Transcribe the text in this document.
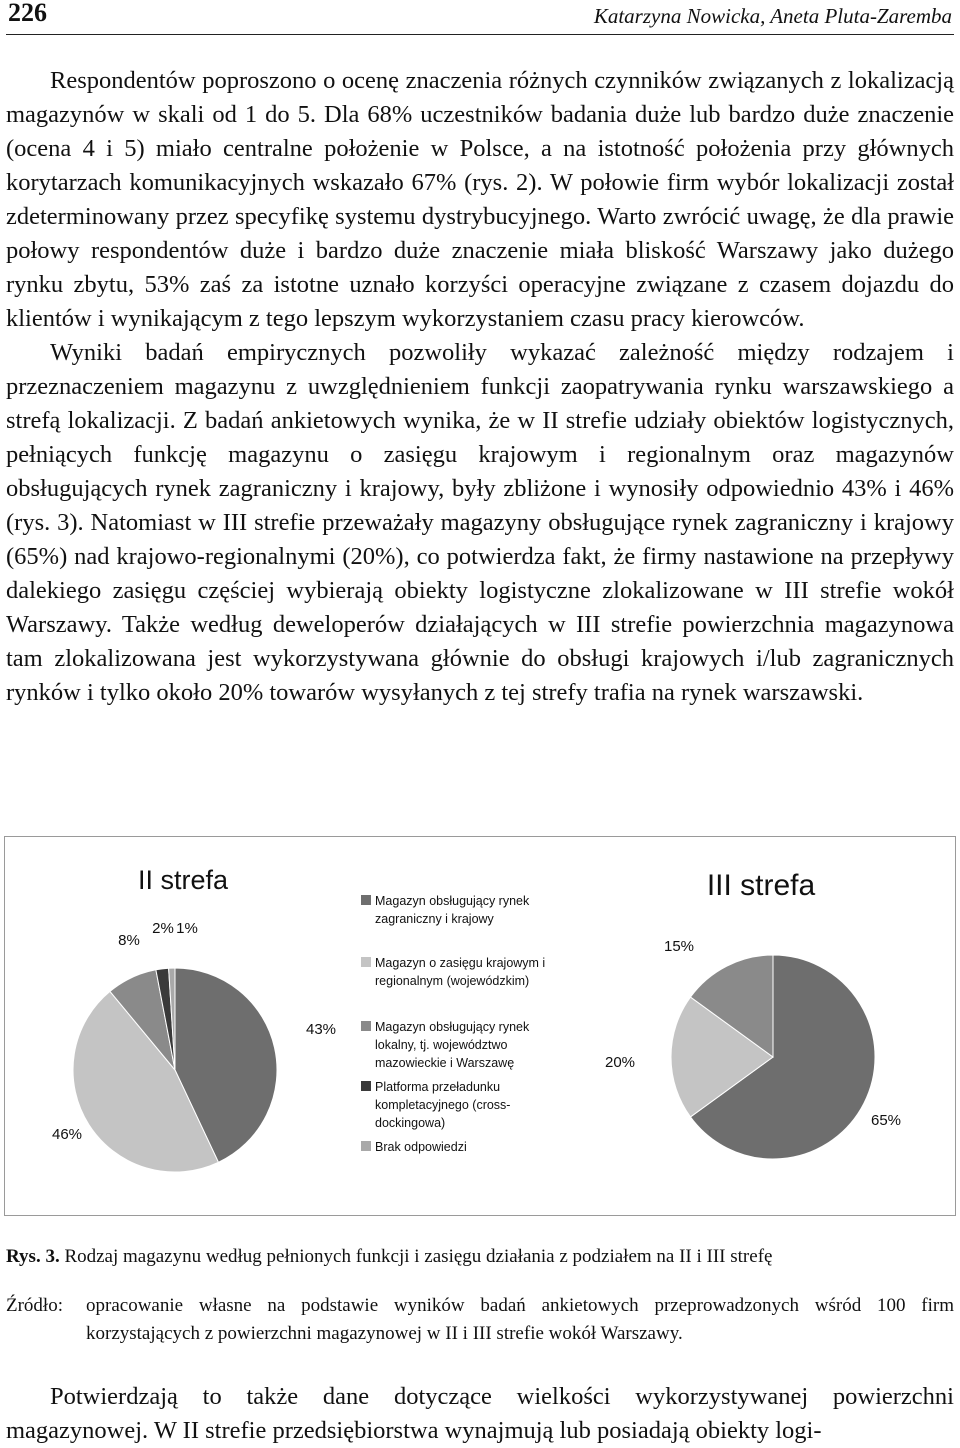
226	Katarzyna Nowicka, Aneta Pluta-Zaremba

Respondentów poproszono o ocenę znaczenia różnych czynników związanych z lokalizacją magazynów w skali od 1 do 5. Dla 68% uczestników badania duże lub bardzo duże znaczenie (ocena 4 i 5) miało centralne położenie w Polsce, a na istotność położenia przy głównych korytarzach komunikacyjnych wskazało 67% (rys. 2). W połowie firm wybór lokalizacji został zdeterminowany przez specyfikę systemu dystrybucyjnego. Warto zwrócić uwagę, że dla prawie połowy respondentów duże i bardzo duże znaczenie miała bliskość Warszawy jako dużego rynku zbytu, 53% zaś za istotne uznało korzyści operacyjne związane z czasem dojazdu do klientów i wynikającym z tego lepszym wykorzystaniem czasu pracy kierowców.

Wyniki badań empirycznych pozwoliły wykazać zależność między rodzajem i przeznaczeniem magazynu z uwzględnieniem funkcji zaopatrywania rynku warszawskiego a strefą lokalizacji. Z badań ankietowych wynika, że w II strefie udziały obiektów logistycznych, pełniących funkcję magazynu o zasięgu krajowym i regionalnym oraz magazynów obsługujących rynek zagraniczny i krajowy, były zbliżone i wynosiły odpowiednio 43% i 46% (rys. 3). Natomiast w III strefie przeważały magazyny obsługujące rynek zagraniczny i krajowy (65%) nad krajowo-regionalnymi (20%), co potwierdza fakt, że firmy nastawione na przepływy dalekiego zasięgu częściej wybierają obiekty logistyczne zlokalizowane w III strefie wokół Warszawy. Także według deweloperów działających w III strefie powierzchnia magazynowa tam zlokalizowana jest wykorzystywana głównie do obsługi krajowych i/lub zagranicznych rynków i tylko około 20% towarów wysyłanych z tej strefy trafia na rynek warszawski.

43%
46%
8%
2% 1%
II strefa
65%
20%
15%
III strefa
Magazyn obsługujący rynek
zagraniczny i krajowy
Magazyn o zasięgu krajowym i
regionalnym (wojewódzkim)
Magazyn obsługujący rynek
lokalny, tj. województwo
mazowieckie i Warszawę
Platforma przeładunku
kompletacyjnego (cross-
dockingowa)
Brak odpowiedzi
Rys. 3. Rodzaj magazynu według pełnionych funkcji i zasięgu działania z podziałem na II i III strefę
Źródło: opracowanie własne na podstawie wyników badań ankietowych przeprowadzonych wśród 100 firm korzystających z powierzchni magazynowej w II i III strefie wokół Warszawy.

Potwierdzają to także dane dotyczące wielkości wykorzystywanej powierzchni magazynowej. W II strefie przedsiębiorstwa wynajmują lub posiadają obiekty logi-
